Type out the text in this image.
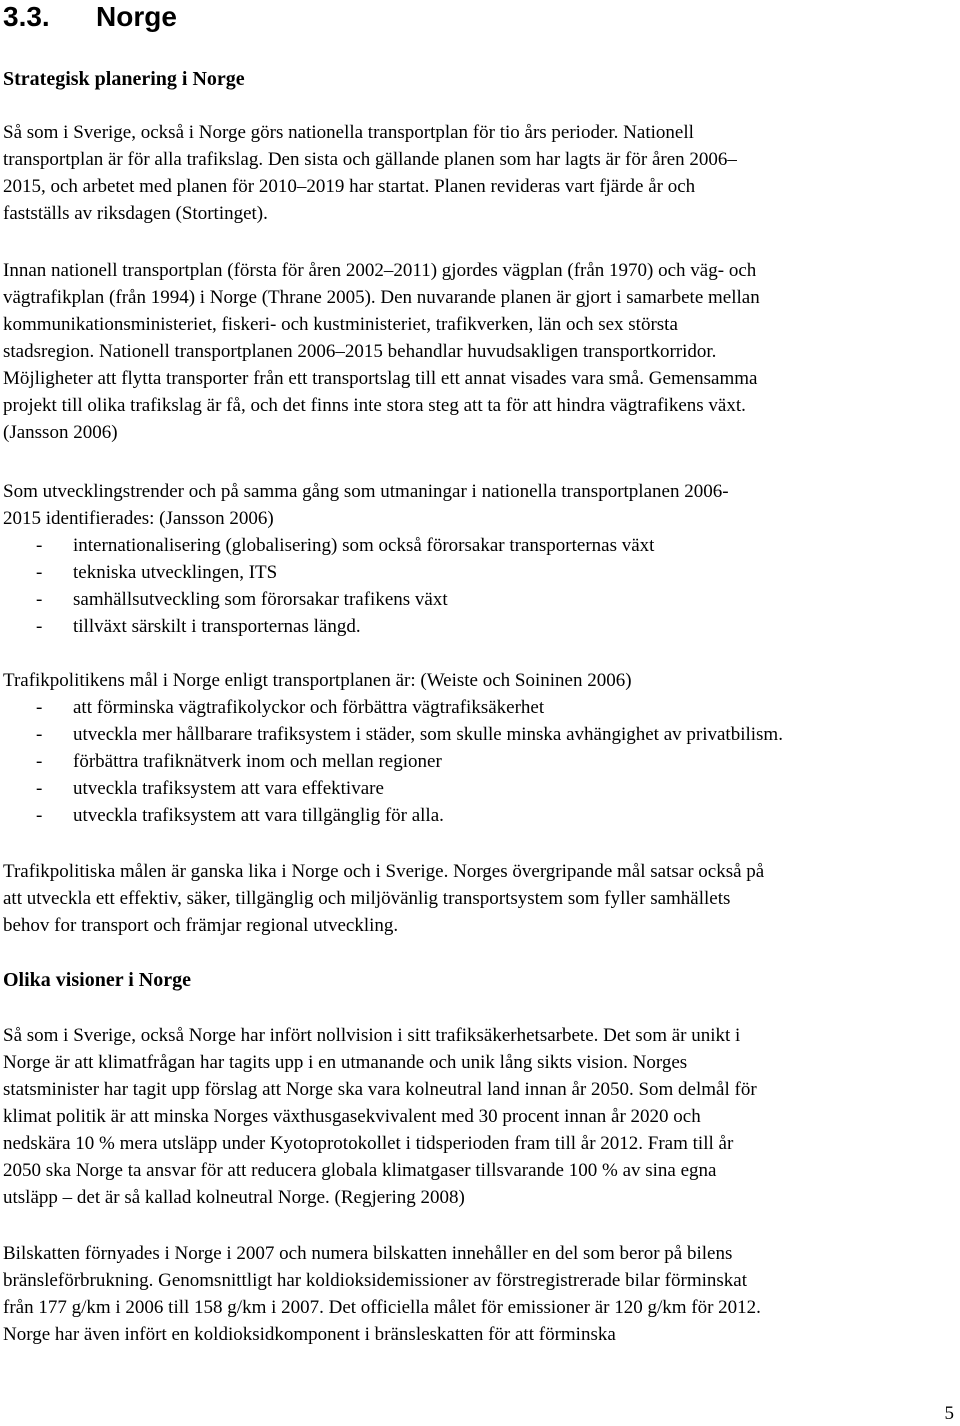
3.3. Norge
Strategisk planering i Norge

Så som i Sverige, också i Norge görs nationella transportplan för tio års perioder. Nationell
transportplan är för alla trafikslag. Den sista och gällande planen som har lagts är för åren 2006–
2015, och arbetet med planen för 2010–2019 har startat. Planen revideras vart fjärde år och
fastställs av riksdagen (Stortinget).

Innan nationell transportplan (första för åren 2002–2011) gjordes vägplan (från 1970) och väg- och
vägtrafikplan (från 1994) i Norge (Thrane 2005). Den nuvarande planen är gjort i samarbete mellan
kommunikationsministeriet, fiskeri- och kustministeriet, trafikverken, län och sex största
stadsregion. Nationell transportplanen 2006–2015 behandlar huvudsakligen transportkorridor.
Möjligheter att flytta transporter från ett transportslag till ett annat visades vara små. Gemensamma
projekt till olika trafikslag är få, och det finns inte stora steg att ta för att hindra vägtrafikens växt.
(Jansson 2006)

Som utvecklingstrender och på samma gång som utmaningar i nationella transportplanen 2006-
2015 identifierades: (Jansson 2006)

- internationalisering (globalisering) som också förorsakar transporternas växt
- tekniska utvecklingen, ITS
- samhällsutveckling som förorsakar trafikens växt
- tillväxt särskilt i transporternas längd.

Trafikpolitikens mål i Norge enligt transportplanen är: (Weiste och Soininen 2006)

- att förminska vägtrafikolyckor och förbättra vägtrafiksäkerhet
- utveckla mer hållbarare trafiksystem i städer, som skulle minska avhängighet av privatbilism.
- förbättra trafiknätverk inom och mellan regioner
- utveckla trafiksystem att vara effektivare
- utveckla trafiksystem att vara tillgänglig för alla.

Trafikpolitiska målen är ganska lika i Norge och i Sverige. Norges övergripande mål satsar också på
att utveckla ett effektiv, säker, tillgänglig och miljövänlig transportsystem som fyller samhällets
behov for transport och främjar regional utveckling.

Olika visioner i Norge

Så som i Sverige, också Norge har infört nollvision i sitt trafiksäkerhetsarbete. Det som är unikt i
Norge är att klimatfrågan har tagits upp i en utmanande och unik lång sikts vision. Norges
statsminister har tagit upp förslag att Norge ska vara kolneutral land innan år 2050. Som delmål för
klimat politik är att minska Norges växthusgasekvivalent med 30 procent innan år 2020 och
nedskära 10 % mera utsläpp under Kyotoprotokollet i tidsperioden fram till år 2012. Fram till år
2050 ska Norge ta ansvar för att reducera globala klimatgaser tillsvarande 100 % av sina egna
utsläpp – det är så kallad kolneutral Norge. (Regjering 2008)

Bilskatten förnyades i Norge i 2007 och numera bilskatten innehåller en del som beror på bilens
bränsleförbrukning. Genomsnittligt har koldioksidemissioner av förstregistrerade bilar förminskat
från 177 g/km i 2006 till 158 g/km i 2007. Det officiella målet för emissioner är 120 g/km för 2012.
Norge har även infört en koldioksidkomponent i bränsleskatten för att förminska

5
